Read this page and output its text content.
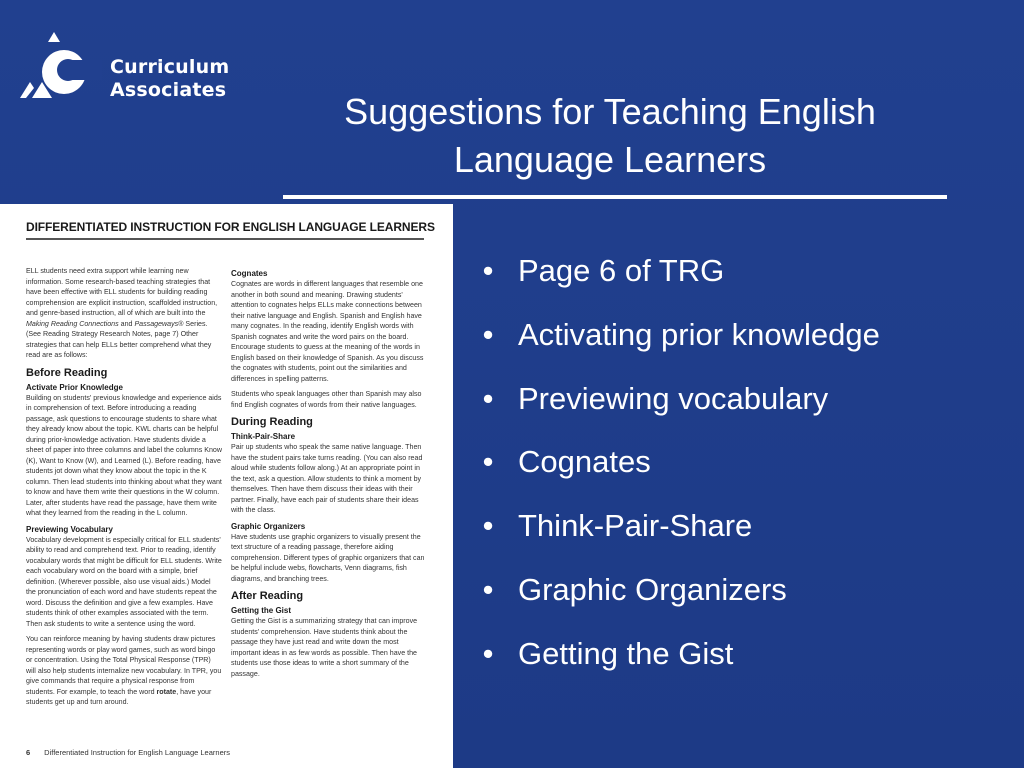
Curriculum
Associates
Suggestions for Teaching English
Language Learners
DIFFERENTIATED INSTRUCTION FOR ENGLISH LANGUAGE LEARNERS

ELL students need extra support while learning new information. Some research-based teaching strategies that have been effective with ELL students for building reading comprehension are explicit instruction, scaffolded instruction, and genre-based instruction, all of which are built into the Making Reading Connections and Passageways® Series. (See Reading Strategy Research Notes, page 7) Other strategies that can help ELLs better comprehend what they read are as follows:

Before Reading
Activate Prior Knowledge

Building on students' previous knowledge and experience aids in comprehension of text. Before introducing a reading passage, ask questions to encourage students to share what they already know about the topic. KWL charts can be helpful during prior-knowledge activation. Have students divide a sheet of paper into three columns and label the columns Know (K), Want to Know (W), and Learned (L). Before reading, have students jot down what they know about the topic in the K column. Then lead students into thinking about what they want to know and have them write their questions in the W column. Later, after students have read the passage, have them write what they learned from the reading in the L column.

Previewing Vocabulary

Vocabulary development is especially critical for ELL students' ability to read and comprehend text. Prior to reading, identify vocabulary words that might be difficult for ELL students. Write each vocabulary word on the board with a simple, brief definition. (Wherever possible, also use visual aids.) Model the pronunciation of each word and have students repeat the word. Discuss the definition and give a few examples. Have students think of other examples associated with the term. Then ask students to write a sentence using the word.

You can reinforce meaning by having students draw pictures representing words or play word games, such as word bingo or concentration. Using the Total Physical Response (TPR) will also help students internalize new vocabulary. In TPR, you give commands that require a physical response from students. For example, to teach the word rotate, have your students get up and turn around.

Cognates

Cognates are words in different languages that resemble one another in both sound and meaning. Drawing students' attention to cognates helps ELLs make connections between their native language and English. Spanish and English have many cognates. In the reading, identify English words with Spanish cognates and write the word pairs on the board. Encourage students to guess at the meaning of the words in English based on their knowledge of Spanish. As you discuss the cognates with students, point out the similarities and differences in spelling patterns.

Students who speak languages other than Spanish may also find English cognates of words from their native languages.

During Reading
Think-Pair-Share

Pair up students who speak the same native language. Then have the student pairs take turns reading. (You can also read aloud while students follow along.) At an appropriate point in the text, ask a question. Allow students to think a moment by themselves. Then have them discuss their ideas with their partner. Finally, have each pair of students share their ideas with the class.

Graphic Organizers

Have students use graphic organizers to visually present the text structure of a reading passage, therefore aiding comprehension. Different types of graphic organizers that can be helpful include webs, flowcharts, Venn diagrams, fish diagrams, and branching trees.

After Reading
Getting the Gist

Getting the Gist is a summarizing strategy that can improve students' comprehension. Have students think about the passage they have just read and write down the most important ideas in as few words as possible. Then have the students use those ideas to write a short summary of the passage.

6 Differentiated Instruction for English Language Learners
• Page 6 of TRG
• Activating prior knowledge
• Previewing vocabulary
• Cognates
• Think-Pair-Share
• Graphic Organizers
• Getting the Gist
